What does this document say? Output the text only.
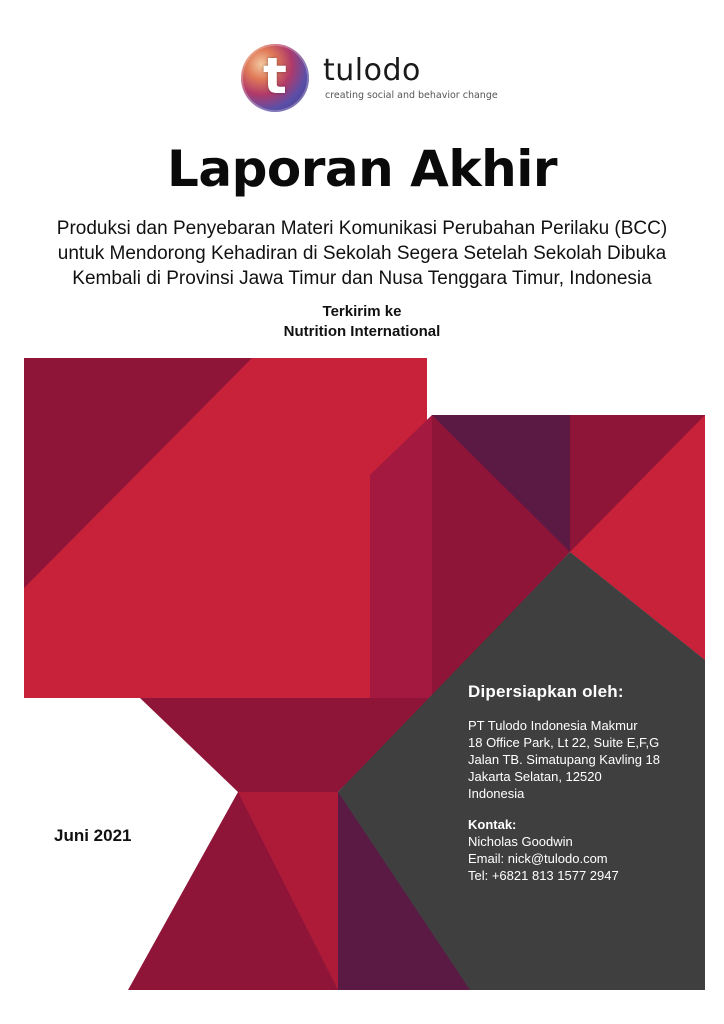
t	tulodo
creating social and behavior change
Laporan Akhir
Produksi dan Penyebaran Materi Komunikasi Perubahan Perilaku (BCC)
untuk Mendorong Kehadiran di Sekolah Segera Setelah Sekolah Dibuka
Kembali di Provinsi Jawa Timur dan Nusa Tenggara Timur, Indonesia
Terkirim ke
Nutrition International
Juni 2021
Dipersiapkan oleh:
PT Tulodo Indonesia Makmur
18 Office Park, Lt 22, Suite E,F,G
Jalan TB. Simatupang Kavling 18
Jakarta Selatan, 12520
Indonesia
Kontak:
Nicholas Goodwin
Email: nick@tulodo.com
Tel: +6821 813 1577 2947
